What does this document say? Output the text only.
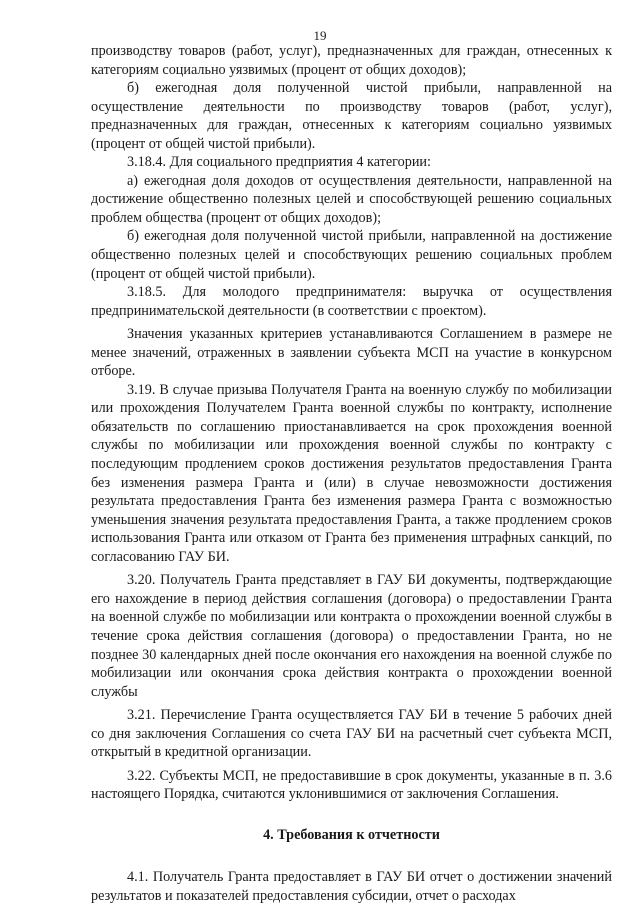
19

производству товаров (работ, услуг), предназначенных для граждан, отнесенных к категориям социально уязвимых (процент от общих доходов);

б) ежегодная доля полученной чистой прибыли, направленной на осуществление деятельности по производству товаров (работ, услуг), предназначенных для граждан, отнесенных к категориям социально уязвимых (процент от общей чистой прибыли).

3.18.4. Для социального предприятия 4 категории:

а) ежегодная доля доходов от осуществления деятельности, направленной на достижение общественно полезных целей и способствующей решению социальных проблем общества (процент от общих доходов);

б) ежегодная доля полученной чистой прибыли, направленной на достижение общественно полезных целей и способствующих решению социальных проблем (процент от общей чистой прибыли).

3.18.5. Для молодого предпринимателя: выручка от осуществления предпринимательской деятельности (в соответствии с проектом).

Значения указанных критериев устанавливаются Соглашением в размере не менее значений, отраженных в заявлении субъекта МСП на участие в конкурсном отборе.

3.19. В случае призыва Получателя Гранта на военную службу по мобилизации или прохождения Получателем Гранта военной службы по контракту, исполнение обязательств по соглашению приостанавливается на срок прохождения военной службы по мобилизации или прохождения военной службы по контракту с последующим продлением сроков достижения результатов предоставления Гранта без изменения размера Гранта и (или) в случае невозможности достижения результата предоставления Гранта без изменения размера Гранта с возможностью уменьшения значения результата предоставления Гранта, а также продлением сроков использования Гранта или отказом от Гранта без применения штрафных санкций, по согласованию ГАУ БИ.

3.20. Получатель Гранта представляет в ГАУ БИ документы, подтверждающие его нахождение в период действия соглашения (договора) о предоставлении Гранта на военной службе по мобилизации или контракта о прохождении военной службы в течение срока действия соглашения (договора) о предоставлении Гранта, но не позднее 30 календарных дней после окончания его нахождения на военной службе по мобилизации или окончания срока действия контракта о прохождении военной службы

3.21. Перечисление Гранта осуществляется ГАУ БИ в течение 5 рабочих дней со дня заключения Соглашения со счета ГАУ БИ на расчетный счет субъекта МСП, открытый в кредитной организации.

3.22. Субъекты МСП, не предоставившие в срок документы, указанные в п. 3.6 настоящего Порядка, считаются уклонившимися от заключения Соглашения.

4. Требования к отчетности

4.1. Получатель Гранта предоставляет в ГАУ БИ отчет о достижении значений результатов и показателей предоставления субсидии, отчет о расходах
